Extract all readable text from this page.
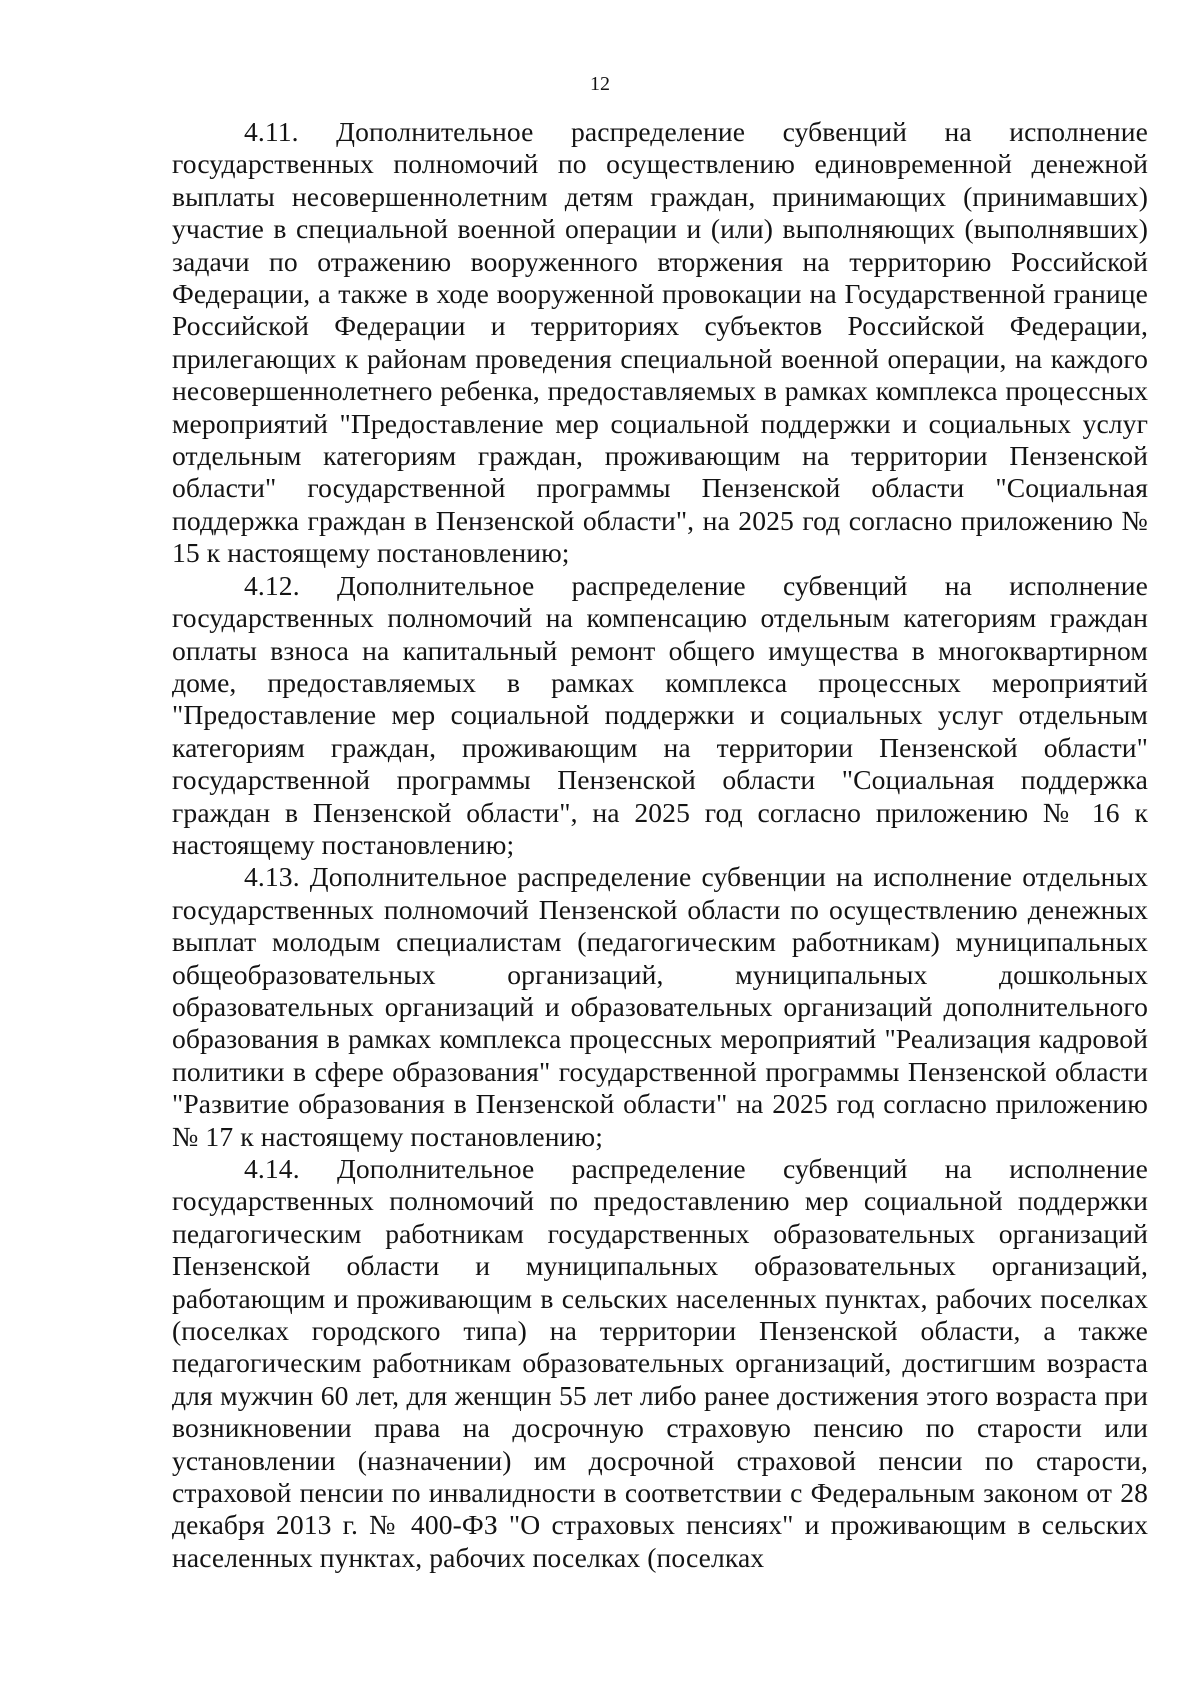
12

4.11. Дополнительное распределение субвенций на исполнение государственных полномочий по осуществлению единовременной денежной выплаты несовершеннолетним детям граждан, принимающих (принимавших) участие в специальной военной операции и (или) выполняющих (выполнявших) задачи по отражению вооруженного вторжения на территорию Российской Федерации, а также в ходе вооруженной провокации на Государственной границе Российской Федерации и территориях субъектов Российской Федерации, прилегающих к районам проведения специальной военной операции, на каждого несовершеннолетнего ребенка, предоставляемых в рамках комплекса процессных мероприятий "Предоставление мер социальной поддержки и социальных услуг отдельным категориям граждан, проживающим на территории Пензенской области" государственной программы Пензенской области "Социальная поддержка граждан в Пензенской области", на 2025 год согласно приложению № 15 к настоящему постановлению;

4.12. Дополнительное распределение субвенций на исполнение государственных полномочий на компенсацию отдельным категориям граждан оплаты взноса на капитальный ремонт общего имущества в многоквартирном доме, предоставляемых в рамках комплекса процессных мероприятий "Предоставление мер социальной поддержки и социальных услуг отдельным категориям граждан, проживающим на территории Пензенской области" государственной программы Пензенской области "Социальная поддержка граждан в Пензенской области", на 2025 год согласно приложению № 16 к настоящему постановлению;

4.13. Дополнительное распределение субвенции на исполнение отдельных государственных полномочий Пензенской области по осуществлению денежных выплат молодым специалистам (педагогическим работникам) муниципальных общеобразовательных организаций, муниципальных дошкольных образовательных организаций и образовательных организаций дополнительного образования в рамках комплекса процессных мероприятий "Реализация кадровой политики в сфере образования" государственной программы Пензенской области "Развитие образования в Пензенской области" на 2025 год согласно приложению № 17 к настоящему постановлению;

4.14. Дополнительное распределение субвенций на исполнение государственных полномочий по предоставлению мер социальной поддержки педагогическим работникам государственных образовательных организаций Пензенской области и муниципальных образовательных организаций, работающим и проживающим в сельских населенных пунктах, рабочих поселках (поселках городского типа) на территории Пензенской области, а также педагогическим работникам образовательных организаций, достигшим возраста для мужчин 60 лет, для женщин 55 лет либо ранее достижения этого возраста при возникновении права на досрочную страховую пенсию по старости или установлении (назначении) им досрочной страховой пенсии по старости, страховой пенсии по инвалидности в соответствии с Федеральным законом от 28 декабря 2013 г. № 400-ФЗ "О страховых пенсиях" и проживающим в сельских населенных пунктах, рабочих поселках (поселках
